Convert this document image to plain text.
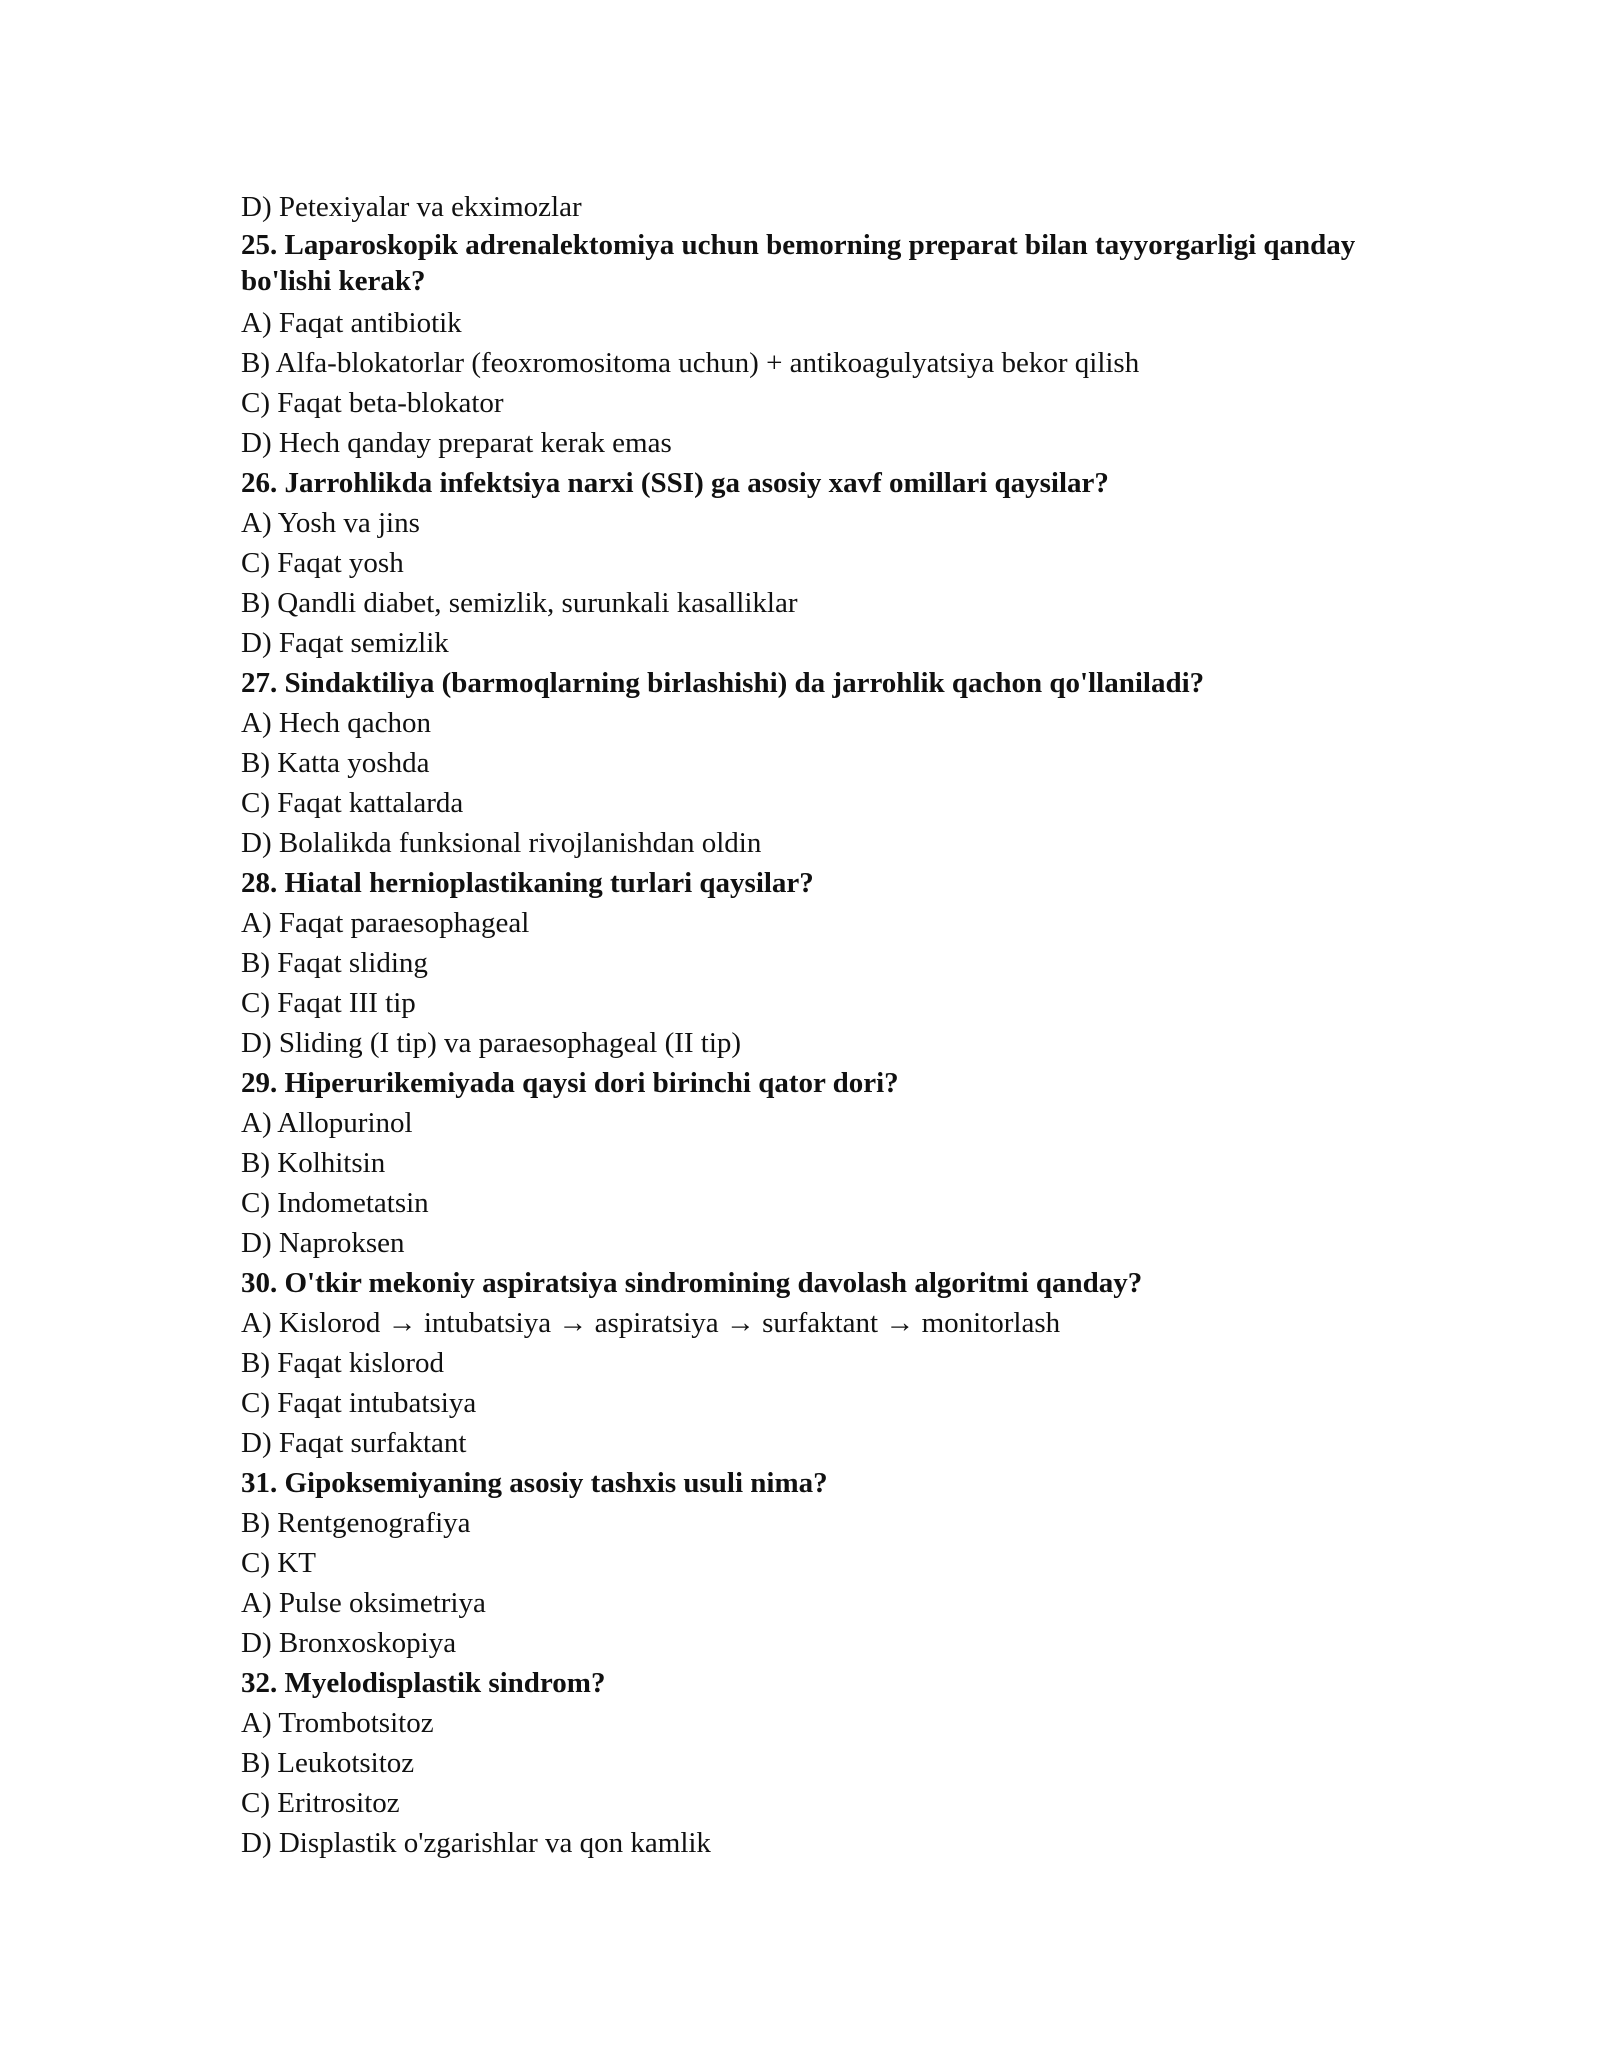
D) Petexiyalar va ekximozlar
25. Laparoskopik adrenalektomiya uchun bemorning preparat bilan tayyorgarligi qanday bo'lishi kerak?
A) Faqat antibiotik
B) Alfa-blokatorlar (feoxromositoma uchun) + antikoagulyatsiya bekor qilish
C) Faqat beta-blokator
D) Hech qanday preparat kerak emas
26. Jarrohlikda infektsiya narxi (SSI) ga asosiy xavf omillari qaysilar?
A) Yosh va jins
C) Faqat yosh
B) Qandli diabet, semizlik, surunkali kasalliklar
D) Faqat semizlik
27. Sindaktiliya (barmoqlarning birlashishi) da jarrohlik qachon qo'llaniladi?
A) Hech qachon
B) Katta yoshda
C) Faqat kattalarda
D) Bolalikda funksional rivojlanishdan oldin
28. Hiatal hernioplastikaning turlari qaysilar?
A) Faqat paraesophageal
B) Faqat sliding
C) Faqat III tip
D) Sliding (I tip) va paraesophageal (II tip)
29. Hiperurikemiyada qaysi dori birinchi qator dori?
A) Allopurinol
B) Kolhitsin
C) Indometatsin
D) Naproksen
30. O'tkir mekoniy aspiratsiya sindromining davolash algoritmi qanday?
A) Kislorod → intubatsiya → aspiratsiya → surfaktant → monitorlash
B) Faqat kislorod
C) Faqat intubatsiya
D) Faqat surfaktant
31. Gipoksemiyaning asosiy tashxis usuli nima?
B) Rentgenografiya
C) KT
A) Pulse oksimetriya
D) Bronxoskopiya
32. Myelodisplastik sindrom?
A) Trombotsitoz
B) Leukotsitoz
C) Eritrositoz
D) Displastik o'zgarishlar va qon kamlik
